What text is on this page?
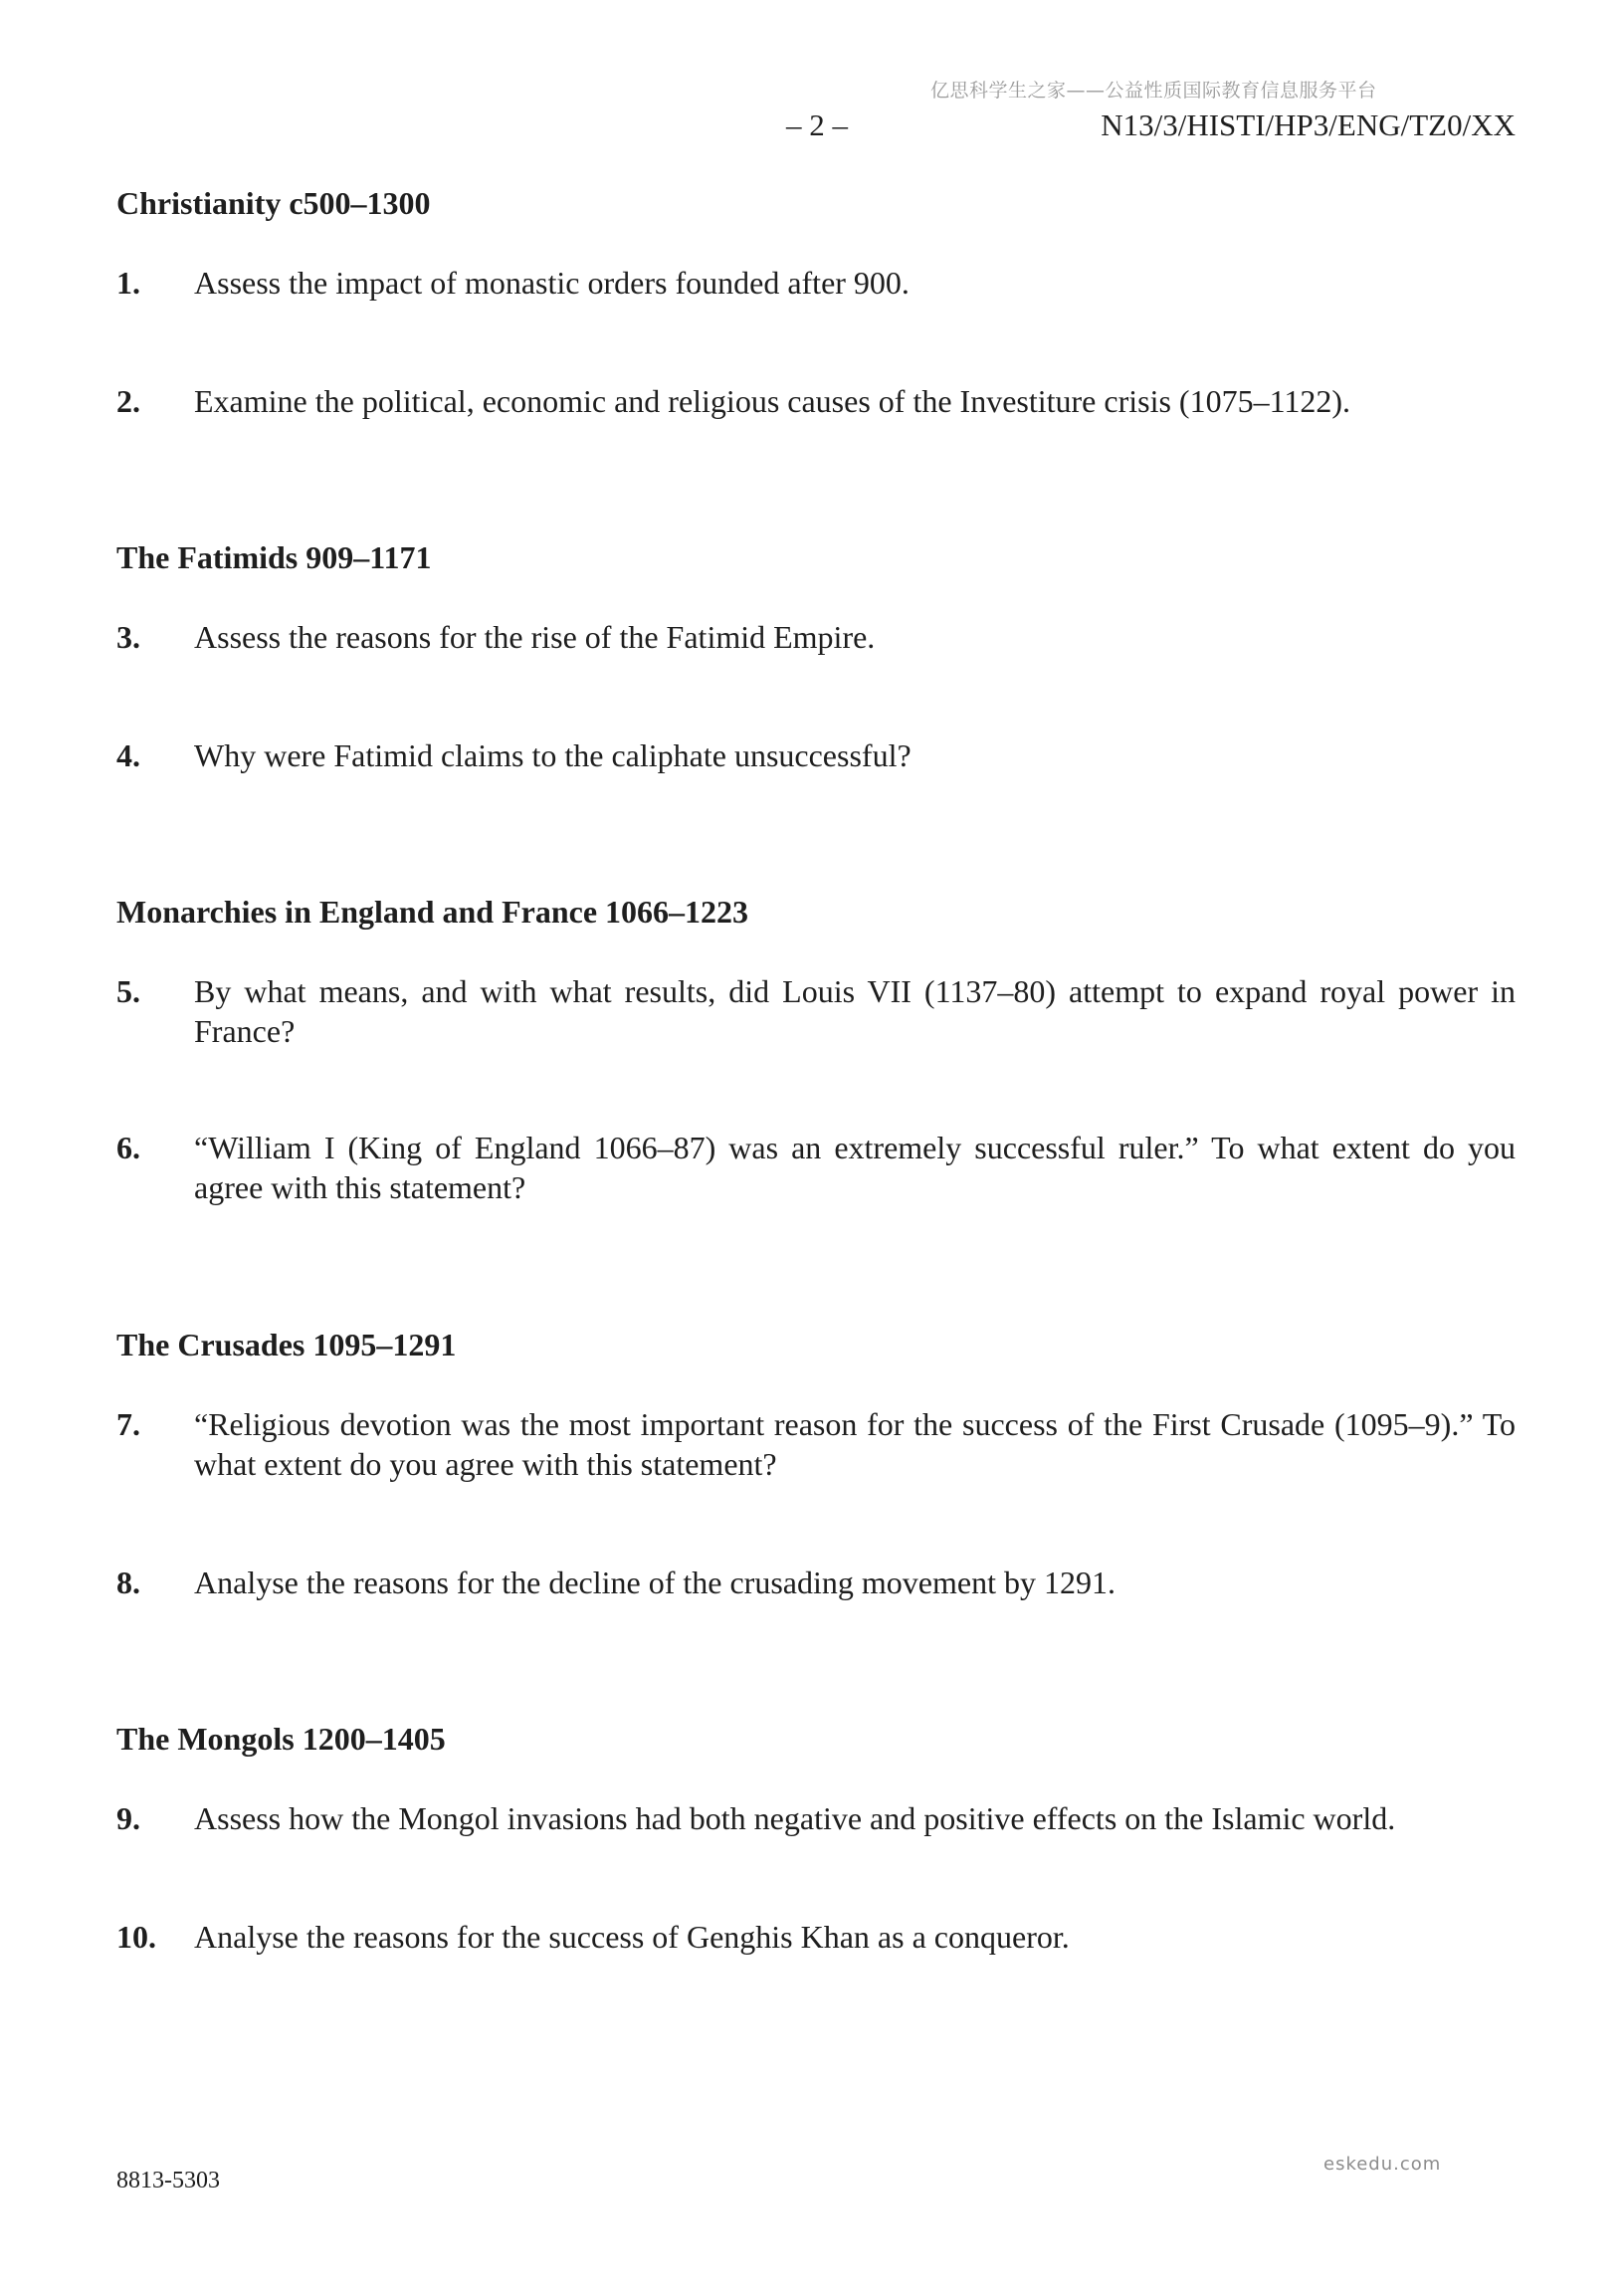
亿思科学生之家——公益性质国际教育信息服务平台
– 2 –	N13/3/HISTI/HP3/ENG/TZ0/XX
Christianity c500–1300
1. Assess the impact of monastic orders founded after 900.
2. Examine the political, economic and religious causes of the Investiture crisis (1075–1122).
The Fatimids 909–1171
3. Assess the reasons for the rise of the Fatimid Empire.
4. Why were Fatimid claims to the caliphate unsuccessful?
Monarchies in England and France 1066–1223
5. By what means, and with what results, did Louis VII (1137–80) attempt to expand royal power in France?
6. “William I (King of England 1066–87) was an extremely successful ruler.” To what extent do you agree with this statement?
The Crusades 1095–1291
7. “Religious devotion was the most important reason for the success of the First Crusade (1095–9).” To what extent do you agree with this statement?
8. Analyse the reasons for the decline of the crusading movement by 1291.
The Mongols 1200–1405
9. Assess how the Mongol invasions had both negative and positive effects on the Islamic world.
10. Analyse the reasons for the success of Genghis Khan as a conqueror.
8813-5303
eskedu.com
